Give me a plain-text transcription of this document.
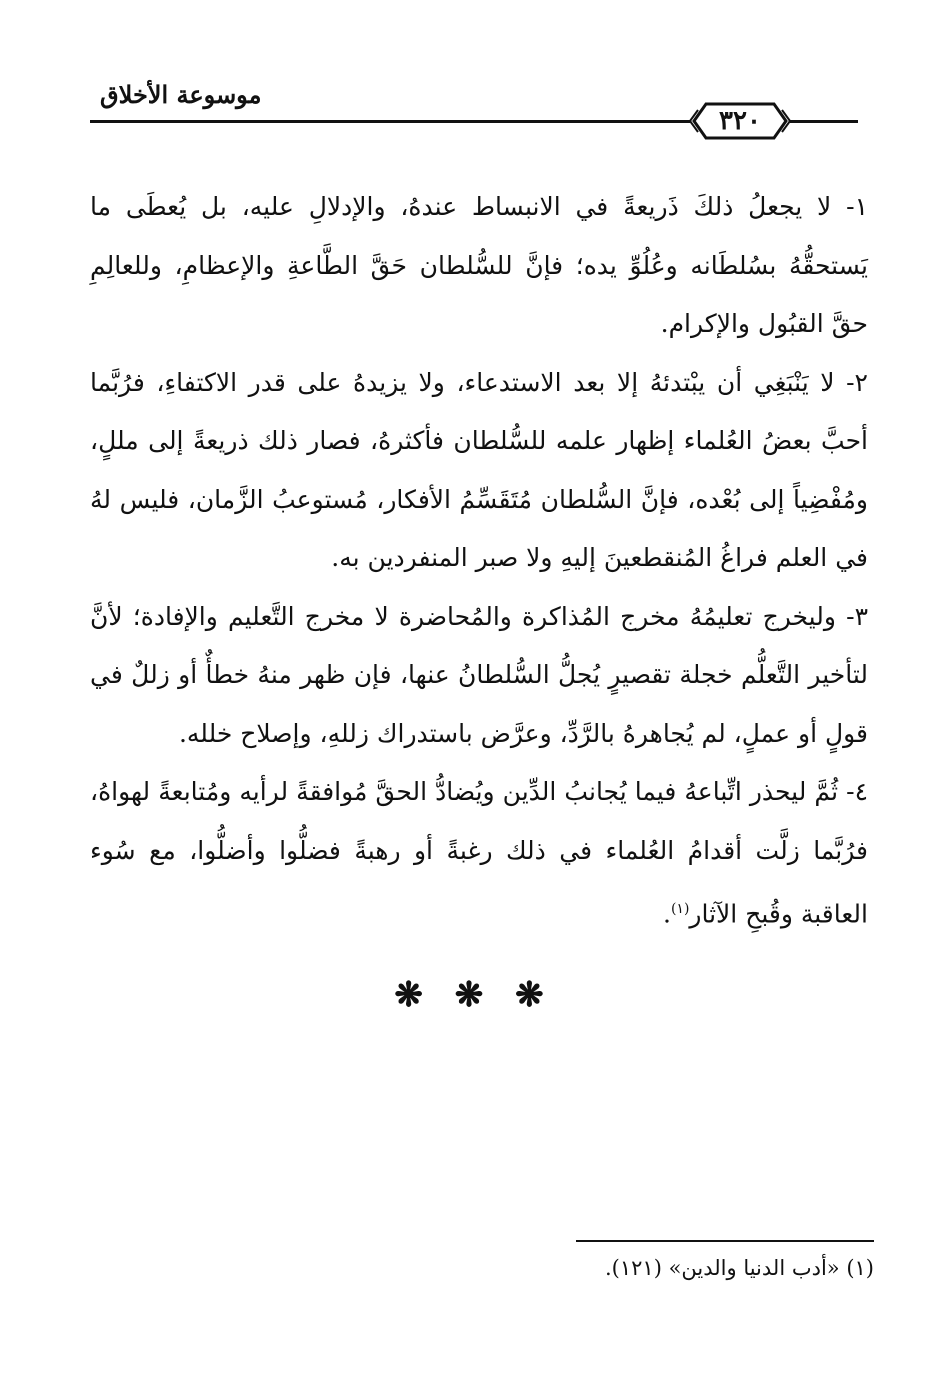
موسوعة الأخلاق
٣٢٠

١- لا يجعلُ ذلكَ ذَريعةً في الانبساط عندهُ، والإدلالِ عليه، بل يُعطَى ما يَستحقُّهُ بسُلطَانه وعُلُوِّ يده؛ فإنَّ للسُّلطان حَقَّ الطَّاعةِ والإعظامِ، وللعالِمِ حقَّ القبُول والإكرام.

٢- لا يَنْبَغِي أن يبْتدئهُ إلا بعد الاستدعاء، ولا يزيدهُ على قدر الاكتفاءِ، فرُبَّما أحبَّ بعضُ العُلماء إظهار علمه للسُّلطان فأكثرهُ، فصار ذلك ذريعةً إلى مللٍ، ومُفْضِياً إلى بُعْده، فإنَّ السُّلطان مُتَقَسِّمُ الأفكار، مُستوعبُ الزَّمان، فليس لهُ في العلم فراغُ المُنقطعينَ إليهِ ولا صبر المنفردين به.

٣- وليخرج تعليمُهُ مخرج المُذاكرة والمُحاضرة لا مخرج التَّعليم والإفادة؛ لأنَّ لتأخير التَّعلُّم خجلة تقصيرٍ يُجلُّ السُّلطانُ عنها، فإن ظهر منهُ خطأٌ أو زللٌ في قولٍ أو عملٍ، لم يُجاهرهُ بالرَّدِّ، وعرَّض باستدراك زللهِ، وإصلاح خلله.

٤- ثُمَّ ليحذر اتِّباعهُ فيما يُجانبُ الدِّين ويُضادُّ الحقَّ مُوافقةً لرأيه ومُتابعةً لهواهُ، فرُبَّما زلَّت أقدامُ العُلماء في ذلك رغبةً أو رهبةً فضلُّوا وأضلُّوا، مع سُوء العاقبة وقُبحِ الآثار$^{(١)}$.

❋ ❋ ❋
(١) «أدب الدنيا والدين» (١٢١).
